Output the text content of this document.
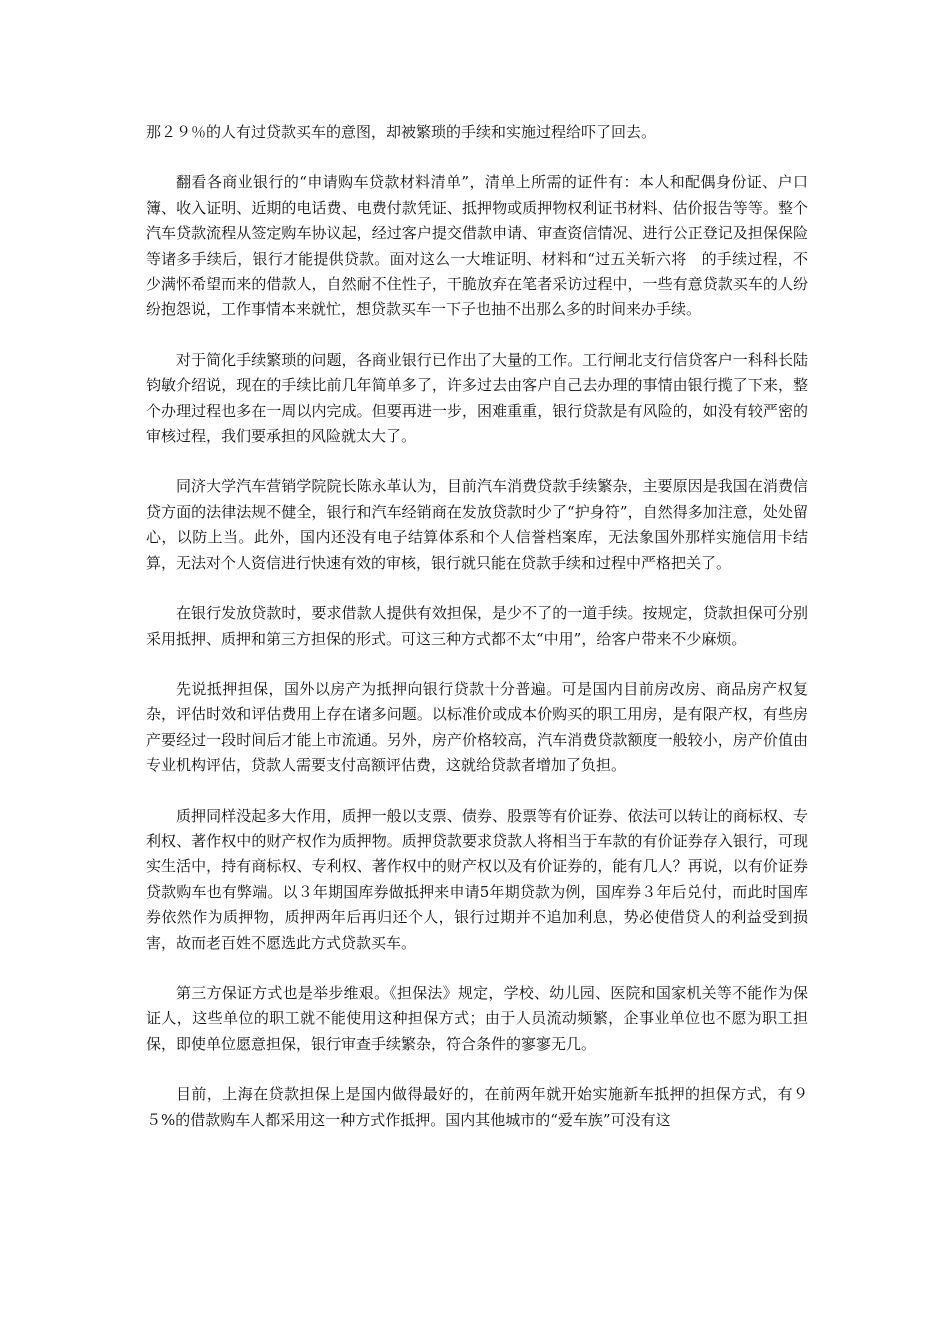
那２９％的人有过贷款买车的意图，却被繁琐的手续和实施过程给吓了回去。

翻看各商业银行的“申请购车贷款材料清单”，清单上所需的证件有：本人和配偶身份证、户口簿、收入证明、近期的电话费、电费付款凭证、抵押物或质押物权利证书材料、估价报告等等。整个汽车贷款流程从签定购车协议起，经过客户提交借款申请、审查资信情况、进行公正登记及担保保险等诸多手续后，银行才能提供贷款。面对这么一大堆证明、材料和“过五关斩六将　的手续过程，不少满怀希望而来的借款人，自然耐不住性子，干脆放弃在笔者采访过程中，一些有意贷款买车的人纷纷抱怨说，工作事情本来就忙，想贷款买车一下子也抽不出那么多的时间来办手续。

对于简化手续繁琐的问题，各商业银行已作出了大量的工作。工行闸北支行信贷客户一科科长陆钧敏介绍说，现在的手续比前几年简单多了，许多过去由客户自己去办理的事情由银行揽了下来，整个办理过程也多在一周以内完成。但要再进一步，困难重重，银行贷款是有风险的，如没有较严密的审核过程，我们要承担的风险就太大了。

同济大学汽车营销学院院长陈永革认为，目前汽车消费贷款手续繁杂，主要原因是我国在消费信贷方面的法律法规不健全，银行和汽车经销商在发放贷款时少了“护身符”，自然得多加注意，处处留心，以防上当。此外，国内还没有电子结算体系和个人信誉档案库，无法象国外那样实施信用卡结算，无法对个人资信进行快速有效的审核，银行就只能在贷款手续和过程中严格把关了。

在银行发放贷款时，要求借款人提供有效担保，是少不了的一道手续。按规定，贷款担保可分别采用抵押、质押和第三方担保的形式。可这三种方式都不太“中用”，给客户带来不少麻烦。

先说抵押担保，国外以房产为抵押向银行贷款十分普遍。可是国内目前房改房、商品房产权复杂，评估时效和评估费用上存在诸多问题。以标准价或成本价购买的职工用房，是有限产权，有些房产要经过一段时间后才能上市流通。另外，房产价格较高，汽车消费贷款额度一般较小，房产价值由专业机构评估，贷款人需要支付高额评估费，这就给贷款者增加了负担。

质押同样没起多大作用，质押一般以支票、债券、股票等有价证券、依法可以转让的商标权、专利权、著作权中的财产权作为质押物。质押贷款要求贷款人将相当于车款的有价证券存入银行，可现实生活中，持有商标权、专利权、著作权中的财产权以及有价证券的，能有几人？再说，以有价证券贷款购车也有弊端。以３年期国库券做抵押来申请5年期贷款为例，国库券３年后兑付，而此时国库券依然作为质押物，质押两年后再归还个人，银行过期并不追加利息，势必使借贷人的利益受到损害，故而老百姓不愿选此方式贷款买车。

第三方保证方式也是举步维艰。《担保法》规定，学校、幼儿园、医院和国家机关等不能作为保证人，这些单位的职工就不能使用这种担保方式；由于人员流动频繁，企事业单位也不愿为职工担保，即使单位愿意担保，银行审查手续繁杂，符合条件的寥寥无几。

目前，上海在贷款担保上是国内做得最好的，在前两年就开始实施新车抵押的担保方式，有９５%的借款购车人都采用这一种方式作抵押。国内其他城市的“爱车族”可没有这
